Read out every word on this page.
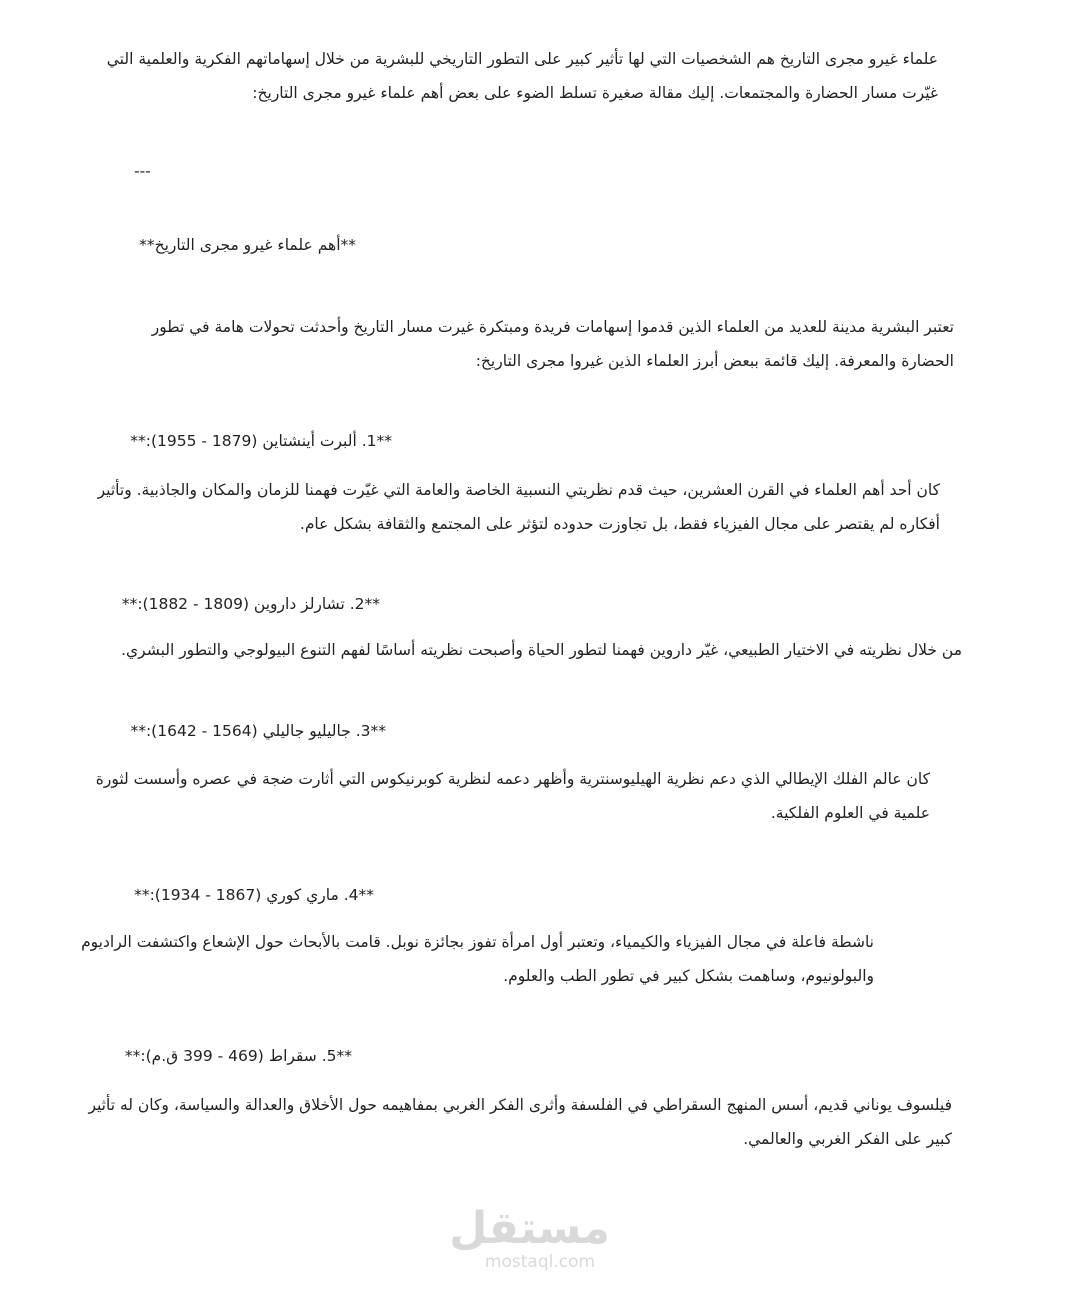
علماء غيرو مجرى التاريخ هم الشخصيات التي لها تأثير كبير على التطور التاريخي للبشرية من خلال إسهاماتهم الفكرية والعلمية التي
غيّرت مسار الحضارة والمجتمعات. إليك مقالة صغيرة تسلط الضوء على بعض أهم علماء غيرو مجرى التاريخ:
---
**أهم علماء غيرو مجرى التاريخ**
تعتبر البشرية مدينة للعديد من العلماء الذين قدموا إسهامات فريدة ومبتكرة غيرت مسار التاريخ وأحدثت تحولات هامة في تطور
الحضارة والمعرفة. إليك قائمة ببعض أبرز العلماء الذين غيروا مجرى التاريخ:
**1. ألبرت أينشتاين (1879 - 1955):**
كان أحد أهم العلماء في القرن العشرين، حيث قدم نظريتي النسبية الخاصة والعامة التي غيّرت فهمنا للزمان والمكان والجاذبية. وتأثير
أفكاره لم يقتصر على مجال الفيزياء فقط، بل تجاوزت حدوده لتؤثر على المجتمع والثقافة بشكل عام.
**2. تشارلز داروين (1809 - 1882):**
من خلال نظريته في الاختيار الطبيعي، غيّر داروين فهمنا لتطور الحياة وأصبحت نظريته أساسًا لفهم التنوع البيولوجي والتطور البشري.
**3. جاليليو جاليلي (1564 - 1642):**
كان عالم الفلك الإيطالي الذي دعم نظرية الهيليوسنترية وأظهر دعمه لنظرية كوبرنيكوس التي أثارت ضجة في عصره وأسست لثورة
علمية في العلوم الفلكية.
**4. ماري كوري (1867 - 1934):**
ناشطة فاعلة في مجال الفيزياء والكيمياء، وتعتبر أول امرأة تفوز بجائزة نوبل. قامت بالأبحاث حول الإشعاع واكتشفت الراديوم
والبولونيوم، وساهمت بشكل كبير في تطور الطب والعلوم.
**5. سقراط (469 - 399 ق.م):**
فيلسوف يوناني قديم، أسس المنهج السقراطي في الفلسفة وأثرى الفكر الغربي بمفاهيمه حول الأخلاق والعدالة والسياسة، وكان له تأثير
كبير على الفكر الغربي والعالمي.
مستقل
mostaql.com
